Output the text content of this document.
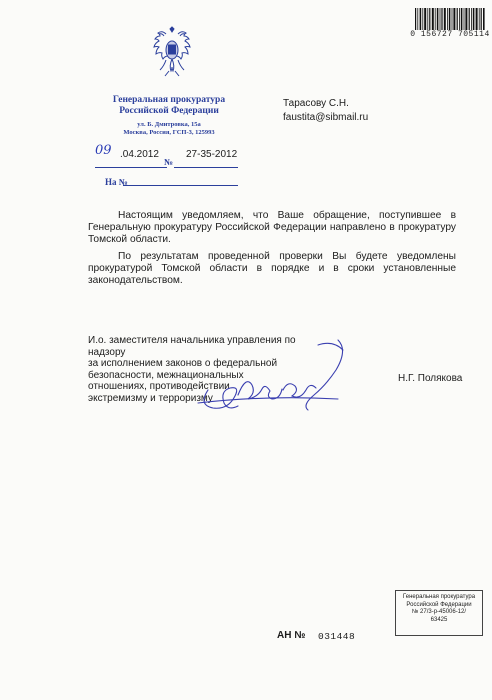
0 156727 705114
Генеральная прокуратура
Российской Федерации
ул. Б. Дмитровка, 15а
Москва, Россия, ГСП-3, 125993
09 .04.2012
№
27-35-2012
На №
Тарасову С.Н.
faustita@sibmail.ru

Настоящим уведомляем, что Ваше обращение, поступившее в Генеральную прокуратуру Российской Федерации направлено в прокуратуру Томской области.

По результатам проведенной проверки Вы будете уведомлены прокуратурой Томской области в порядке и в сроки установленные законодательством.

И.о. заместителя начальника управления по надзору
за исполнением законов о федеральной
безопасности, межнациональных
отношениях, противодействии
экстремизму и терроризму
Н.Г. Полякова
Генеральная прокуратура
Российской Федерации
№ 27/3-р-45006-12/
63425
АН № 031448
